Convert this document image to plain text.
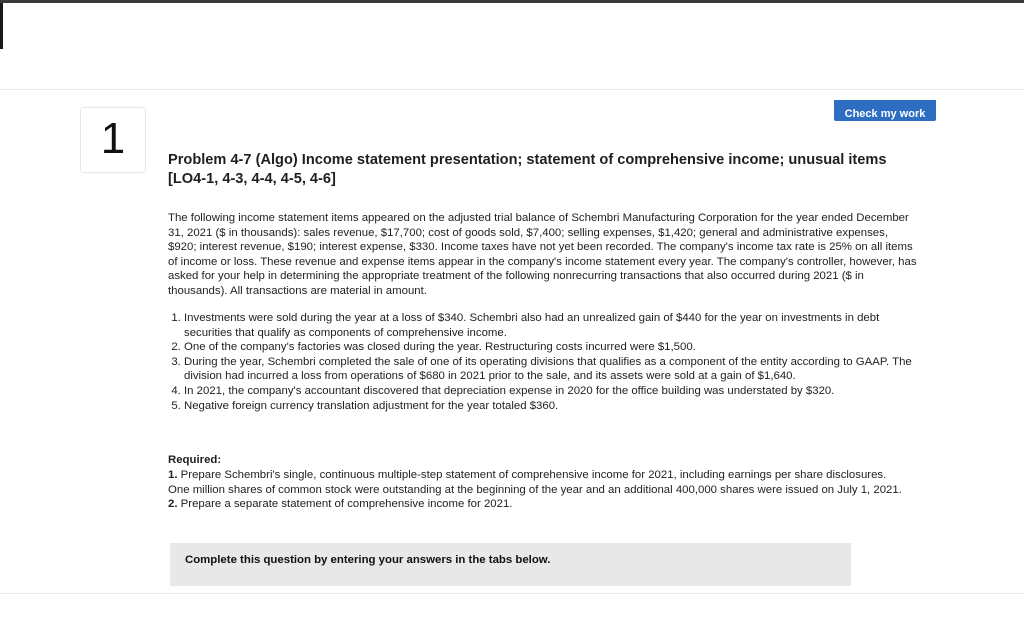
1	Check my work
Problem 4-7 (Algo) Income statement presentation; statement of comprehensive income; unusual items [LO4-1, 4-3, 4-4, 4-5, 4-6]

The following income statement items appeared on the adjusted trial balance of Schembri Manufacturing Corporation for the year ended December 31, 2021 ($ in thousands): sales revenue, $17,700; cost of goods sold, $7,400; selling expenses, $1,420; general and administrative expenses, $920; interest revenue, $190; interest expense, $330. Income taxes have not yet been recorded. The company's income tax rate is 25% on all items of income or loss. These revenue and expense items appear in the company's income statement every year. The company's controller, however, has asked for your help in determining the appropriate treatment of the following nonrecurring transactions that also occurred during 2021 ($ in thousands). All transactions are material in amount.

1. Investments were sold during the year at a loss of $340. Schembri also had an unrealized gain of $440 for the year on investments in debt securities that qualify as components of comprehensive income.
2. One of the company's factories was closed during the year. Restructuring costs incurred were $1,500.
3. During the year, Schembri completed the sale of one of its operating divisions that qualifies as a component of the entity according to GAAP. The division had incurred a loss from operations of $680 in 2021 prior to the sale, and its assets were sold at a gain of $1,640.
4. In 2021, the company's accountant discovered that depreciation expense in 2020 for the office building was understated by $320.
5. Negative foreign currency translation adjustment for the year totaled $360.

Required:

1. Prepare Schembri's single, continuous multiple-step statement of comprehensive income for 2021, including earnings per share disclosures. One million shares of common stock were outstanding at the beginning of the year and an additional 400,000 shares were issued on July 1, 2021.

2. Prepare a separate statement of comprehensive income for 2021.

Complete this question by entering your answers in the tabs below.
